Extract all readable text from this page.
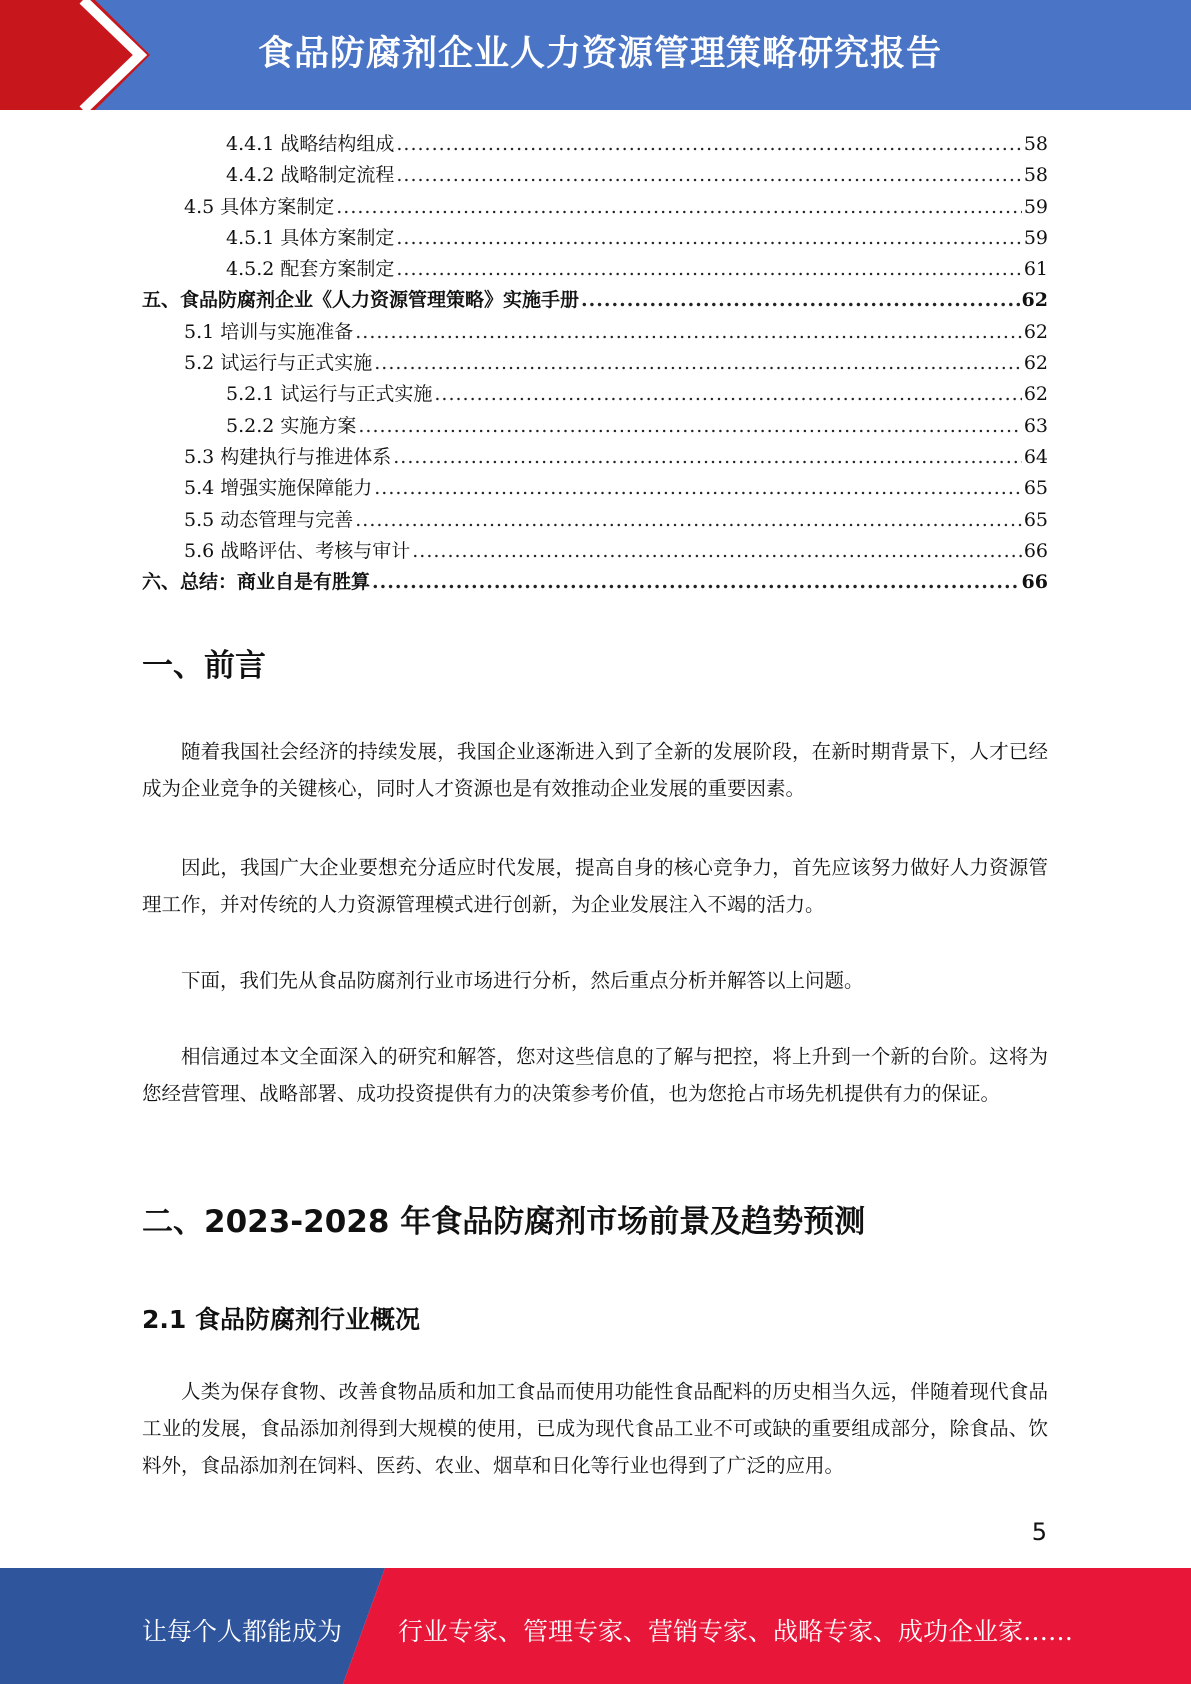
食品防腐剂企业人力资源管理策略研究报告
4.4.1 战略结构组成 .....	58
4.4.2 战略制定流程 .....	58
4.5 具体方案制定 .....	59
4.5.1 具体方案制定 .....	59
4.5.2 配套方案制定 .....	61
五、食品防腐剂企业《人力资源管理策略》实施手册 .....	62
5.1 培训与实施准备 .....	62
5.2 试运行与正式实施 .....	62
5.2.1 试运行与正式实施 .....	62
5.2.2 实施方案 .....	63
5.3 构建执行与推进体系 .....	64
5.4 增强实施保障能力 .....	65
5.5 动态管理与完善 .....	65
5.6 战略评估、考核与审计 .....	66
六、总结：商业自是有胜算 .....	66
一、前言

随着我国社会经济的持续发展，我国企业逐渐进入到了全新的发展阶段，在新时期背景下，人才已经成为企业竞争的关键核心，同时人才资源也是有效推动企业发展的重要因素。

因此，我国广大企业要想充分适应时代发展，提高自身的核心竞争力，首先应该努力做好人力资源管理工作，并对传统的人力资源管理模式进行创新，为企业发展注入不竭的活力。

下面，我们先从食品防腐剂行业市场进行分析，然后重点分析并解答以上问题。

相信通过本文全面深入的研究和解答，您对这些信息的了解与把控，将上升到一个新的台阶。这将为您经营管理、战略部署、成功投资提供有力的决策参考价值，也为您抢占市场先机提供有力的保证。

二、2023-2028 年食品防腐剂市场前景及趋势预测
2.1 食品防腐剂行业概况

人类为保存食物、改善食物品质和加工食品而使用功能性食品配料的历史相当久远，伴随着现代食品工业的发展，食品添加剂得到大规模的使用，已成为现代食品工业不可或缺的重要组成部分，除食品、饮料外，食品添加剂在饲料、医药、农业、烟草和日化等行业也得到了广泛的应用。

5
让每个人都能成为 行业专家、管理专家、营销专家、战略专家、成功企业家……
